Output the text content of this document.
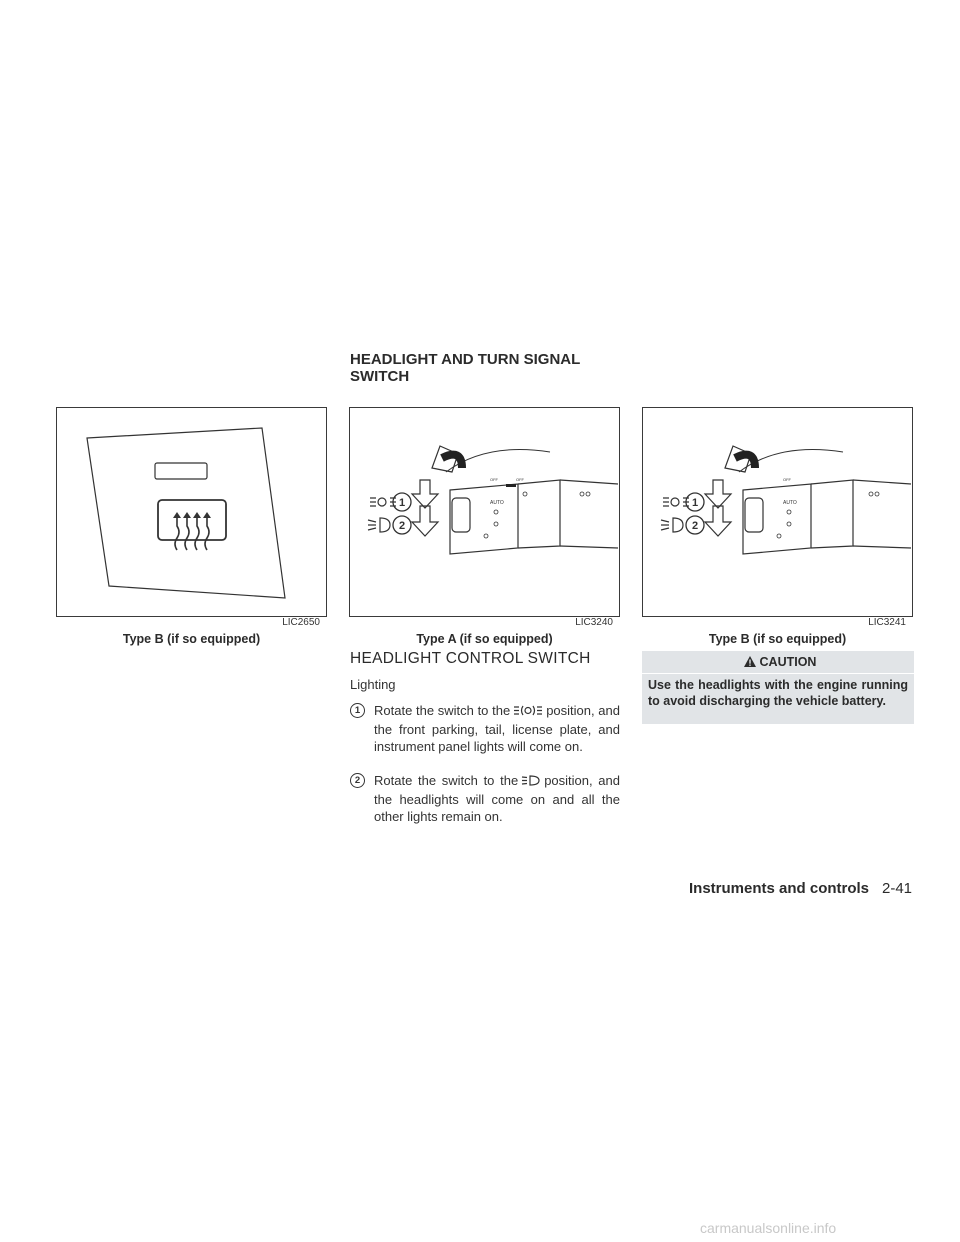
HEADLIGHT AND TURN SIGNAL SWITCH
LIC2650
Type B (if so equipped)
1
2
AUTO
OFF	OFF
LIC3240
Type A (if so equipped)
1
2
AUTO
OFF
LIC3241
Type B (if so equipped)
HEADLIGHT CONTROL SWITCH
Lighting
1	Rotate the switch to the	position, and the front parking, tail, license plate, and instrument panel lights will come on.
2	Rotate the switch to the position, and the headlights will come on and all the other lights remain on.
CAUTION
Use the headlights with the engine running to avoid discharging the vehicle battery.
Instruments and controls 2-41
carmanualsonline.info
